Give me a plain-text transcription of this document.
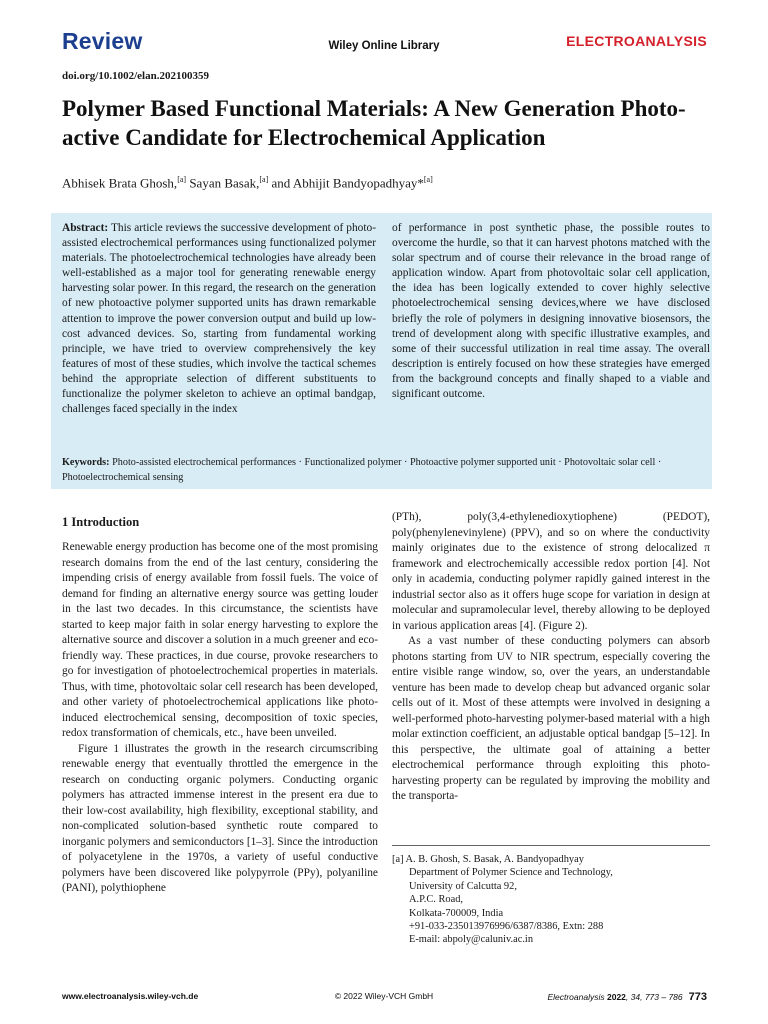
Review	Wiley Online Library	ELECTROANALYSIS
doi.org/10.1002/elan.202100359
Polymer Based Functional Materials: A New Generation Photo-active Candidate for Electrochemical Application
Abhisek Brata Ghosh,[a] Sayan Basak,[a] and Abhijit Bandyopadhyay*[a]
Abstract: This article reviews the successive development of photo-assisted electrochemical performances using functionalized polymer materials. The photoelectrochemical technologies have already been well-established as a major tool for generating renewable energy harvesting solar power. In this regard, the research on the generation of new photoactive polymer supported units has drawn remarkable attention to improve the power conversion output and build up low-cost advanced devices. So, starting from fundamental working principle, we have tried to overview comprehensively the key features of most of these studies, which involve the tactical schemes behind the appropriate selection of different substituents to functionalize the polymer skeleton to achieve an optimal bandgap, challenges faced specially in the index
of performance in post synthetic phase, the possible routes to overcome the hurdle, so that it can harvest photons matched with the solar spectrum and of course their relevance in the broad range of application window. Apart from photovoltaic solar cell application, the idea has been logically extended to cover highly selective photoelectrochemical sensing devices,where we have disclosed briefly the role of polymers in designing innovative biosensors, the trend of development along with specific illustrative examples, and some of their successful utilization in real time assay. The overall description is entirely focused on how these strategies have emerged from the background concepts and finally shaped to a viable and significant outcome.
Keywords: Photo-assisted electrochemical performances · Functionalized polymer · Photoactive polymer supported unit · Photovoltaic solar cell · Photoelectrochemical sensing
1 Introduction

Renewable energy production has become one of the most promising research domains from the end of the last century, considering the impending crisis of energy available from fossil fuels. The voice of demand for finding an alternative energy source was getting louder in the last two decades. In this circumstance, the scientists have started to keep major faith in solar energy harvesting to explore the alternative source and discover a solution in a much greener and eco-friendly way. These practices, in due course, provoke researchers to go for investigation of photoelectrochemical properties in materials. Thus, with time, photovoltaic solar cell research has been developed, and other variety of photoelectrochemical applications like photo-induced electrochemical sensing, decomposition of toxic species, redox transformation of chemicals, etc., have been unveiled.

Figure 1 illustrates the growth in the research circumscribing renewable energy that eventually throttled the emergence in the research on conducting organic polymers. Conducting organic polymers has attracted immense interest in the present era due to their low-cost availability, high flexibility, exceptional stability, and non-complicated solution-based synthetic route compared to inorganic polymers and semiconductors [1–3]. Since the introduction of polyacetylene in the 1970s, a variety of useful conductive polymers have been discovered like polypyrrole (PPy), polyaniline (PANI), polythiophene

(PTh), poly(3,4-ethylenedioxytiophene) (PEDOT), poly(phenylenevinylene) (PPV), and so on where the conductivity mainly originates due to the existence of strong delocalized π framework and electrochemically accessible redox portion [4]. Not only in academia, conducting polymer rapidly gained interest in the industrial sector also as it offers huge scope for variation in design at molecular and supramolecular level, thereby allowing to be deployed in various application areas [4]. (Figure 2).

As a vast number of these conducting polymers can absorb photons starting from UV to NIR spectrum, especially covering the entire visible range window, so, over the years, an understandable venture has been made to develop cheap but advanced organic solar cells out of it. Most of these attempts were involved in designing a well-performed photo-harvesting polymer-based material with a high molar extinction coefficient, an adjustable optical bandgap [5–12]. In this perspective, the ultimate goal of attaining a better electrochemical performance through exploiting this photo-harvesting property can be regulated by improving the mobility and the transporta-

[a] A. B. Ghosh, S. Basak, A. Bandyopadhyay
Department of Polymer Science and Technology,
University of Calcutta 92,
A.P.C. Road,
Kolkata-700009, India
+91-033-235013976996/6387/8386, Extn: 288
E-mail: abpoly@caluniv.ac.in
www.electroanalysis.wiley-vch.de	© 2022 Wiley-VCH GmbH	Electroanalysis 2022, 34, 773 – 786 773
